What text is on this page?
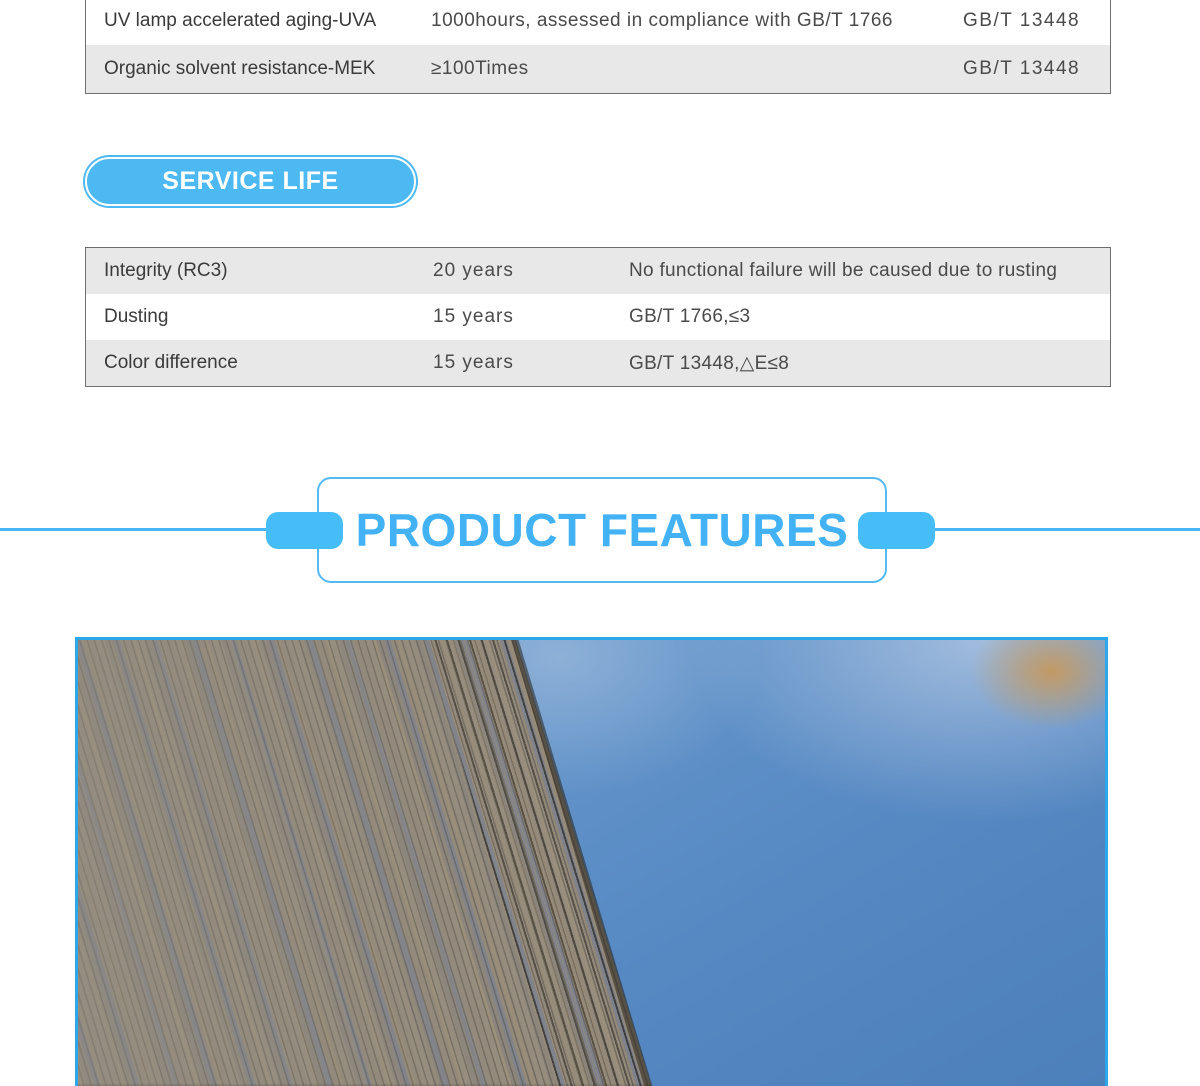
UV lamp accelerated aging-UVA	1000hours, assessed in compliance with GB/T 1766	GB/T 13448
Organic solvent resistance-MEK	≥100Times	GB/T 13448
SERVICE LIFE
Integrity (RC3)	20 years	No functional failure will be caused due to rusting
Dusting	15 years	GB/T 1766,≤3
Color difference	15 years	GB/T 13448,△E≤8
PRODUCT FEATURES
